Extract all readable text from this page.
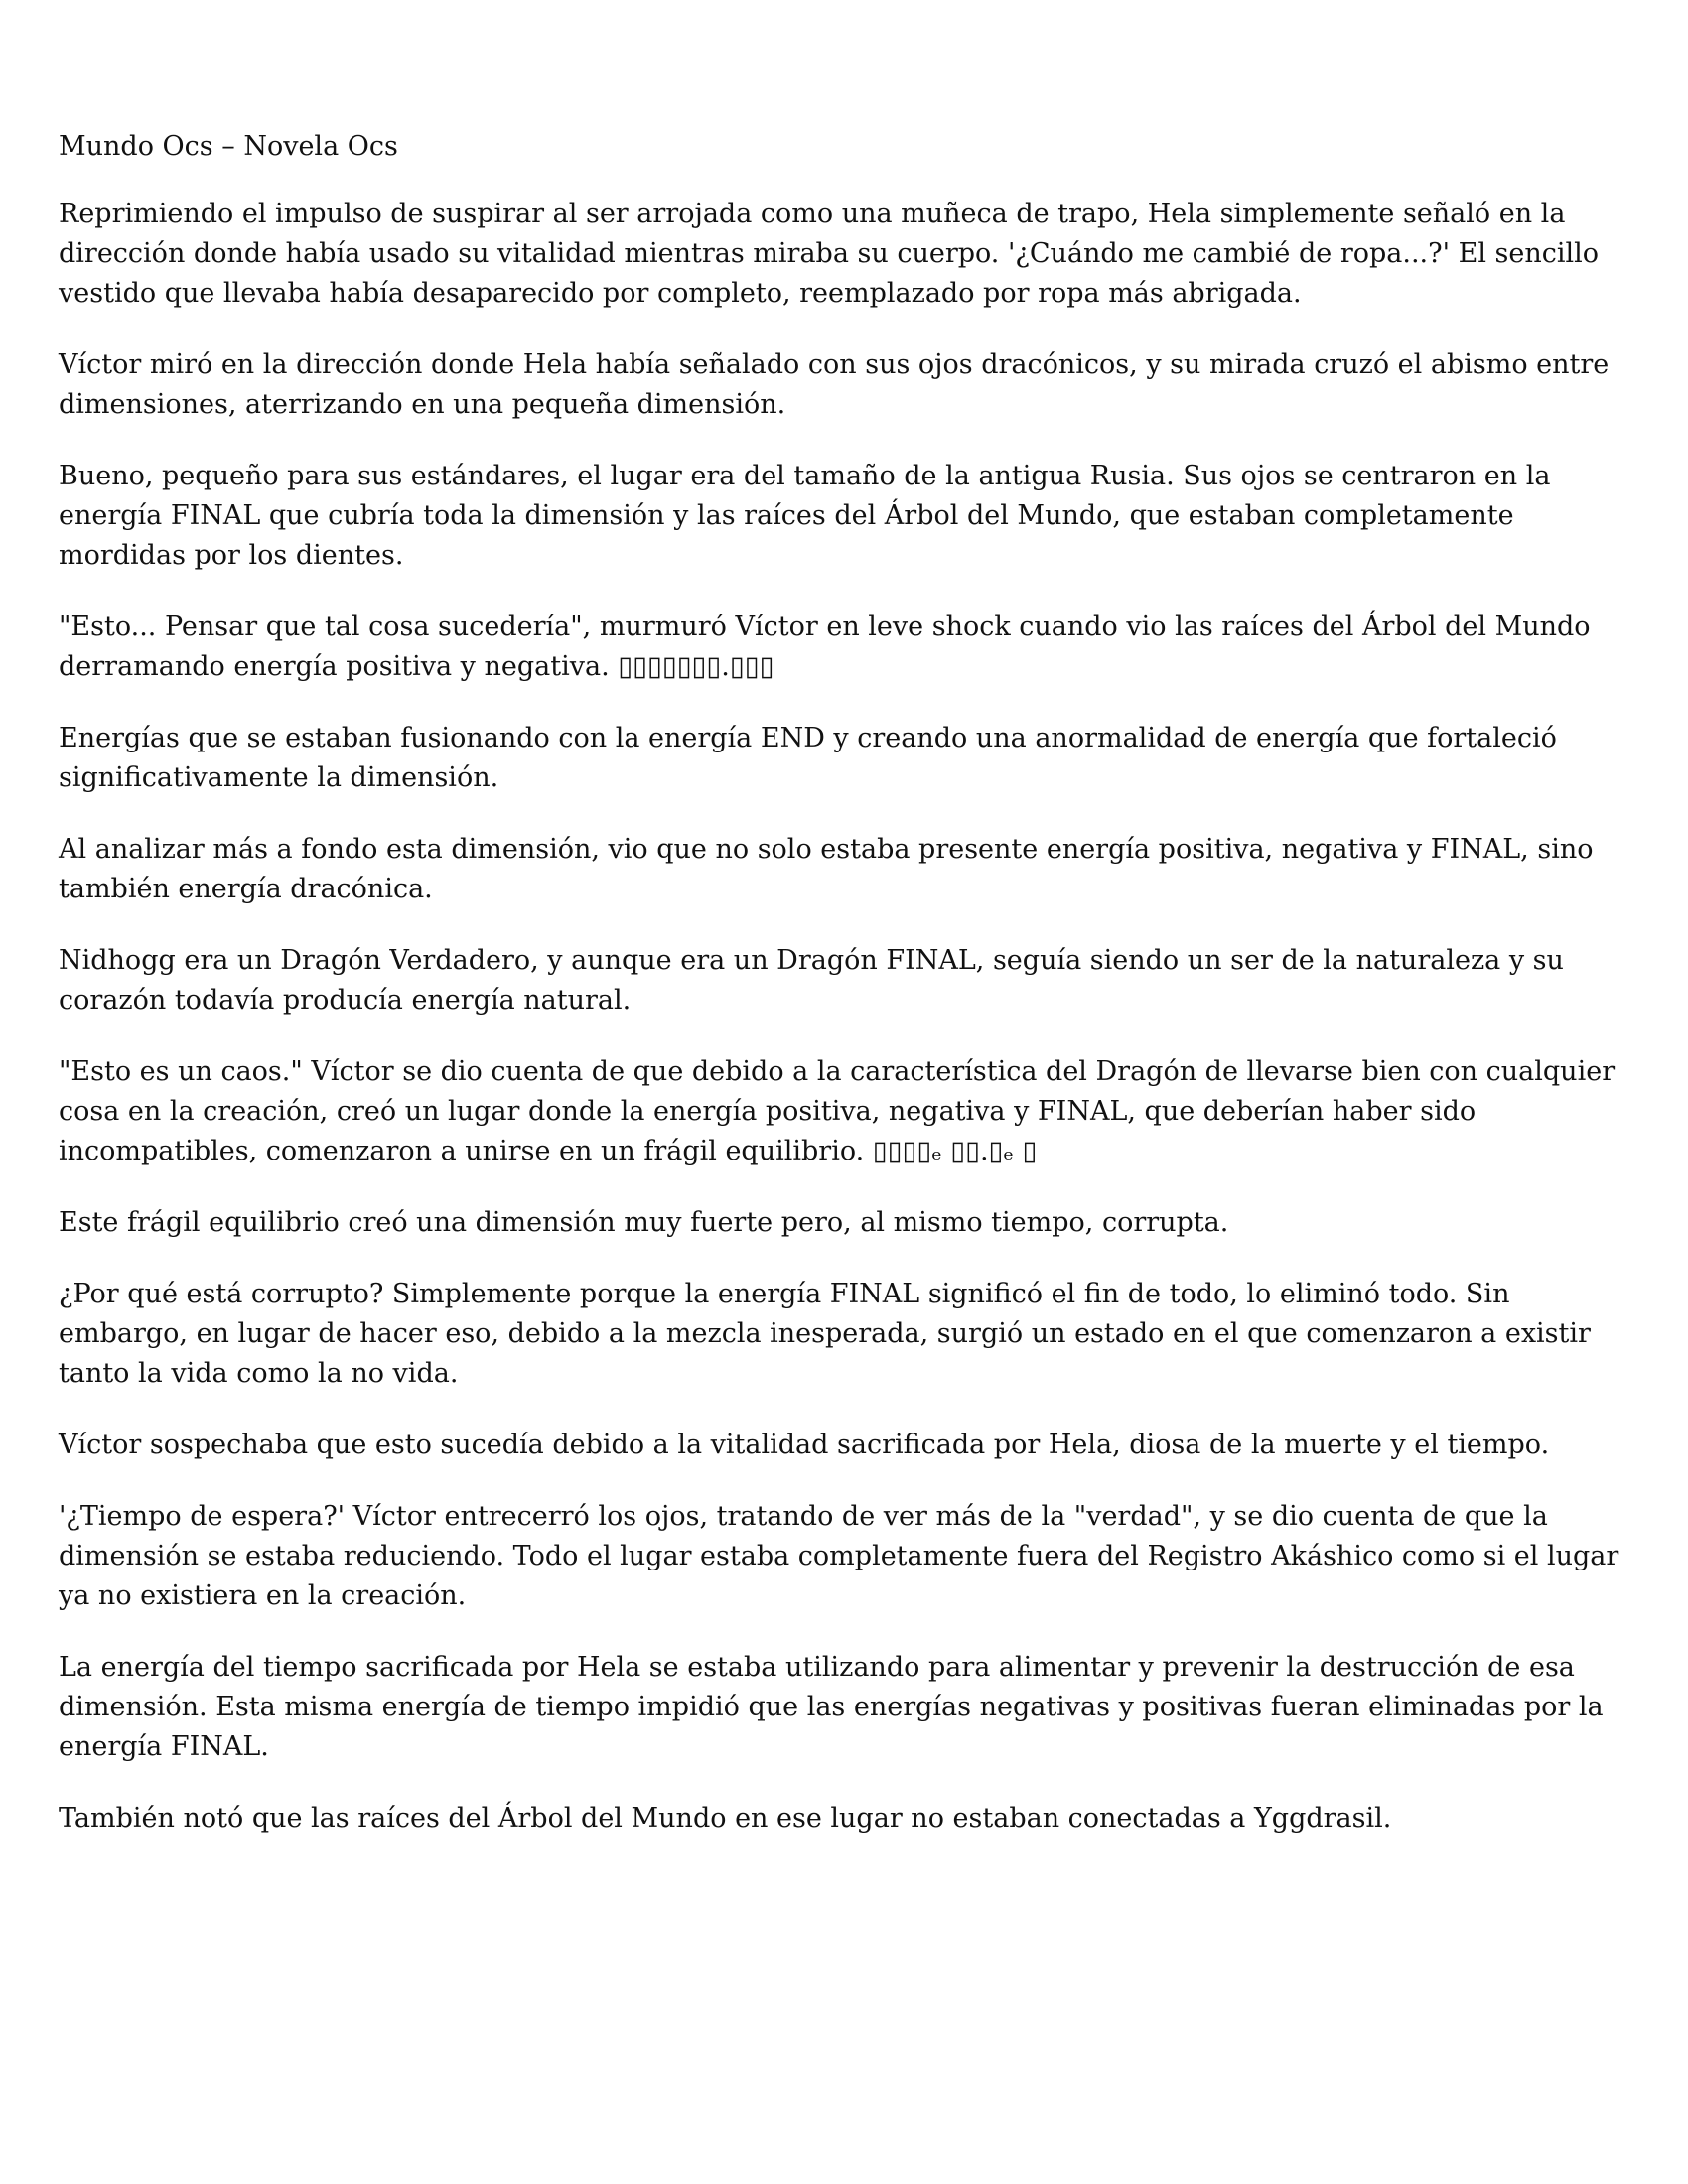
Mundo Ocs – Novela Ocs

Reprimiendo el impulso de suspirar al ser arrojada como una muñeca de trapo, Hela simplemente señaló en la dirección donde había usado su vitalidad mientras miraba su cuerpo. '¿Cuándo me cambié de ropa...?' El sencillo vestido que llevaba había desaparecido por completo, reemplazado por ropa más abrigada.

Víctor miró en la dirección donde Hela había señalado con sus ojos dracónicos, y su mirada cruzó el abismo entre dimensiones, aterrizando en una pequeña dimensión.

Bueno, pequeño para sus estándares, el lugar era del tamaño de la antigua Rusia. Sus ojos se centraron en la energía FINAL que cubría toda la dimensión y las raíces del Árbol del Mundo, que estaban completamente mordidas por los dientes.

"Esto... Pensar que tal cosa sucedería", murmuró Víctor en leve shock cuando vio las raíces del Árbol del Mundo derramando energía positiva y negativa. ▯▯▯▯▯▯▯.▯▯▯

Energías que se estaban fusionando con la energía END y creando una anormalidad de energía que fortaleció significativamente la dimensión.

Al analizar más a fondo esta dimensión, vio que no solo estaba presente energía positiva, negativa y FINAL, sino también energía dracónica.

Nidhogg era un Dragón Verdadero, y aunque era un Dragón FINAL, seguía siendo un ser de la naturaleza y su corazón todavía producía energía natural.

"Esto es un caos." Víctor se dio cuenta de que debido a la característica del Dragón de llevarse bien con cualquier cosa en la creación, creó un lugar donde la energía positiva, negativa y FINAL, que deberían haber sido incompatibles, comenzaron a unirse en un frágil equilibrio. ▯▯▯▯ₑ ▯▯.▯ₑ ▯

Este frágil equilibrio creó una dimensión muy fuerte pero, al mismo tiempo, corrupta.

¿Por qué está corrupto? Simplemente porque la energía FINAL significó el fin de todo, lo eliminó todo. Sin embargo, en lugar de hacer eso, debido a la mezcla inesperada, surgió un estado en el que comenzaron a existir tanto la vida como la no vida.

Víctor sospechaba que esto sucedía debido a la vitalidad sacrificada por Hela, diosa de la muerte y el tiempo.

'¿Tiempo de espera?' Víctor entrecerró los ojos, tratando de ver más de la "verdad", y se dio cuenta de que la dimensión se estaba reduciendo. Todo el lugar estaba completamente fuera del Registro Akáshico como si el lugar ya no existiera en la creación.

La energía del tiempo sacrificada por Hela se estaba utilizando para alimentar y prevenir la destrucción de esa dimensión. Esta misma energía de tiempo impidió que las energías negativas y positivas fueran eliminadas por la energía FINAL.

También notó que las raíces del Árbol del Mundo en ese lugar no estaban conectadas a Yggdrasil.
